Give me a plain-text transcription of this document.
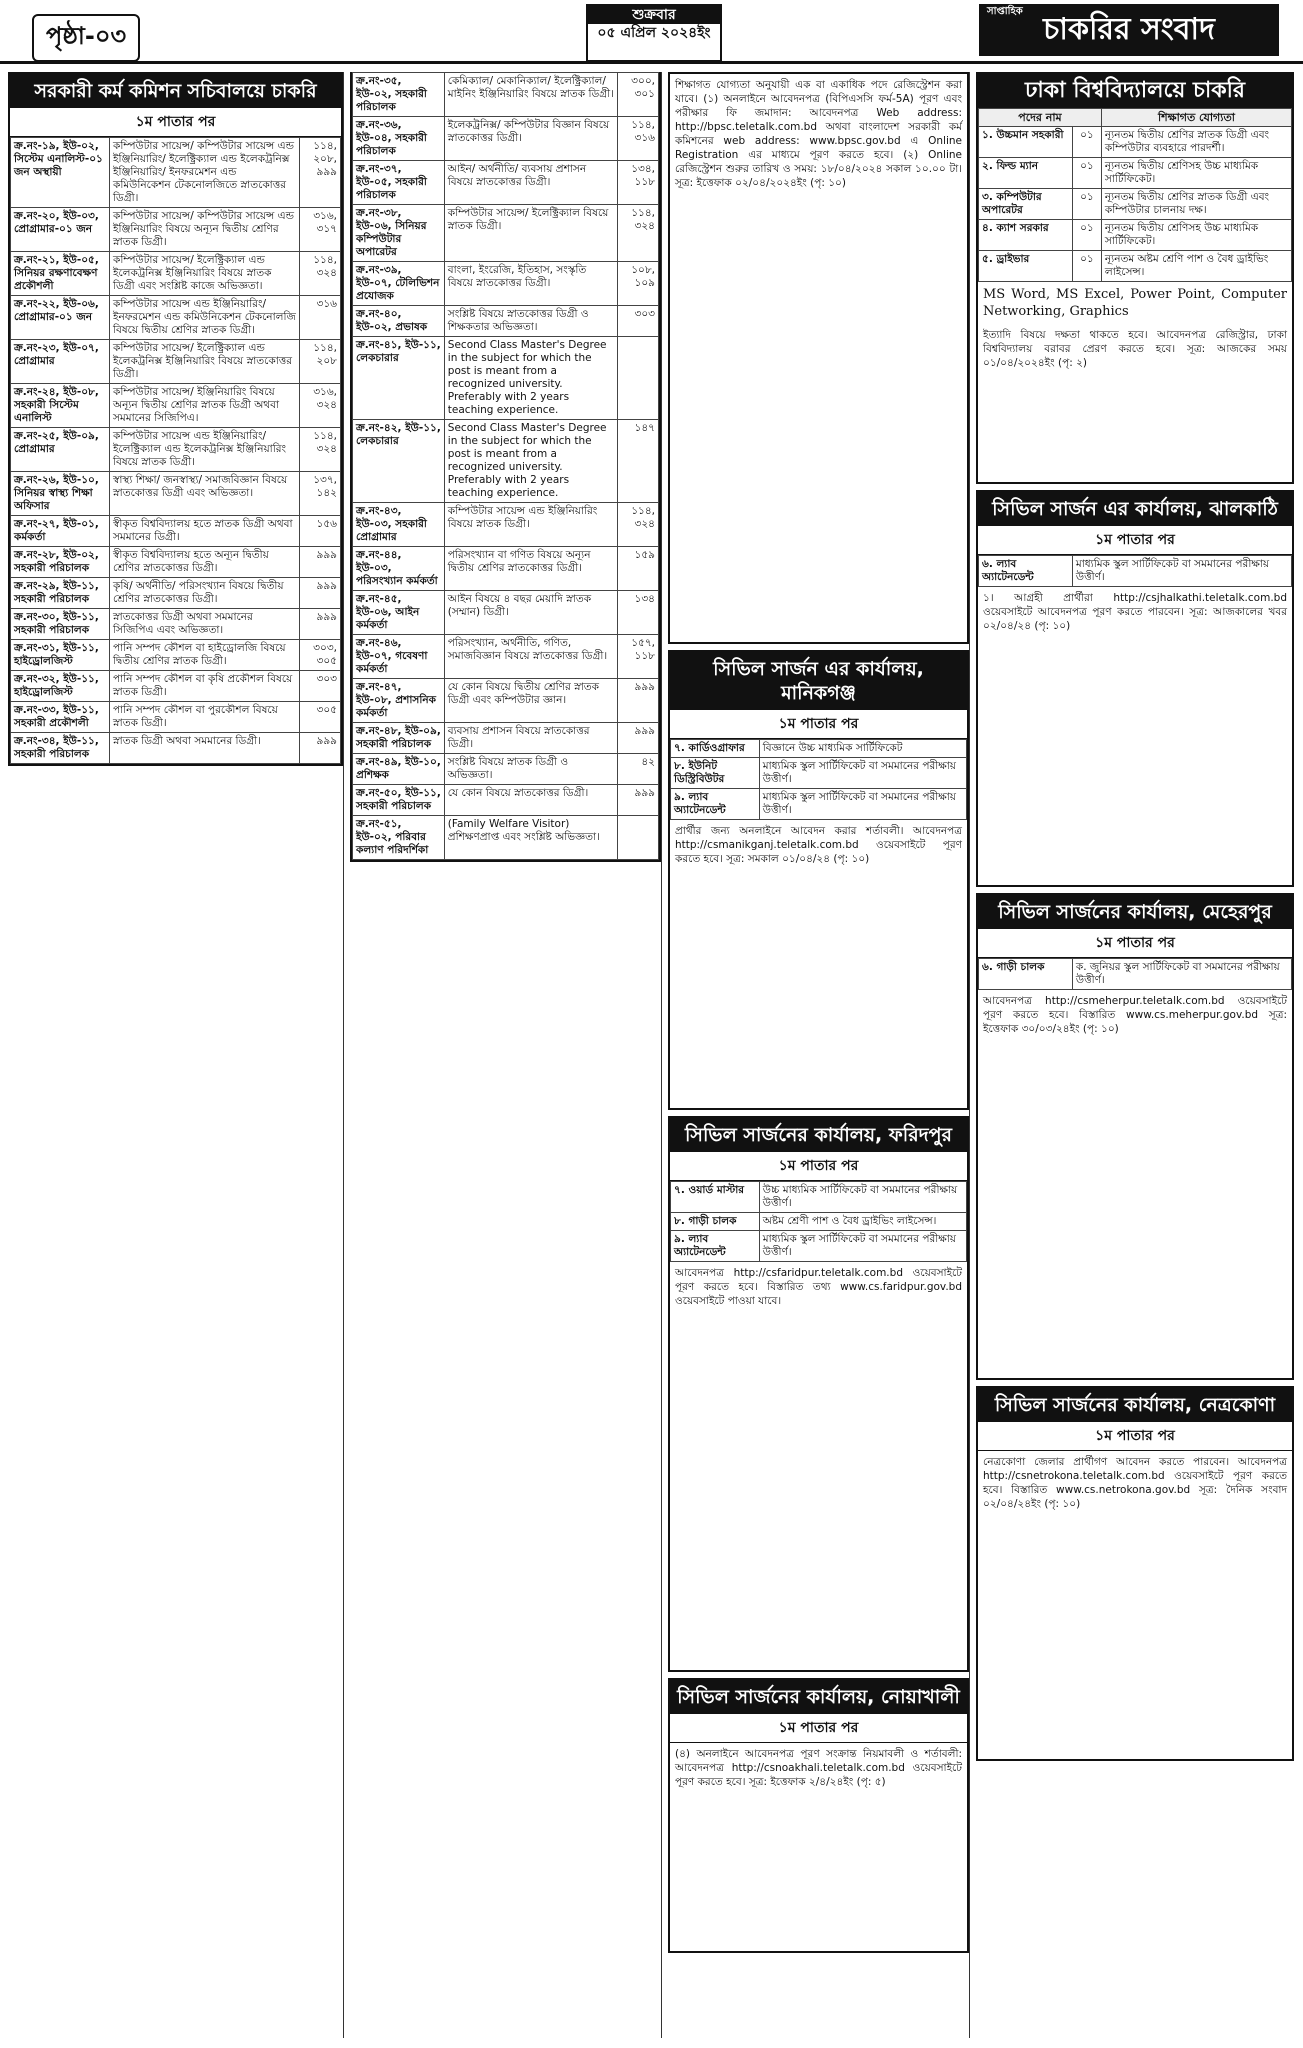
পৃষ্ঠা-০৩
শুক্রবার
০৫ এপ্রিল ২০২৪ইং
সাপ্তাহিক
চাকরির সংবাদ
সরকারী কর্ম কমিশন সচিবালয়ে চাকরি
১ম পাতার পর
ক্র.নং-১৯, ইউ-০২, সিস্টেম এনালিস্ট-০১ জন অস্থায়ী	কম্পিউটার সায়েন্স/ কম্পিউটার সায়েন্স এন্ড ইঞ্জিনিয়ারিং/ ইলেক্ট্রিক্যাল এন্ড ইলেকট্রনিক্স ইঞ্জিনিয়ারিং/ ইনফরমেশন এন্ড কমিউনিকেশন টেকনোলজিতে স্নাতকোত্তর ডিগ্রী।	১১৪, ২০৮, ৯৯৯
ক্র.নং-২০, ইউ-০৩, প্রোগ্রামার-০১ জন	কম্পিউটার সায়েন্স/ কম্পিউটার সায়েন্স এন্ড ইঞ্জিনিয়ারিং বিষয়ে অন্যূন দ্বিতীয় শ্রেণির স্নাতক ডিগ্রী।	৩১৬, ৩১৭
ক্র.নং-২১, ইউ-০৫, সিনিয়র রক্ষণাবেক্ষণ প্রকৌশলী	কম্পিউটার সায়েন্স/ ইলেক্ট্রিক্যাল এন্ড ইলেকট্রনিক্স ইঞ্জিনিয়ারিং বিষয়ে স্নাতক ডিগ্রী এবং সংশ্লিষ্ট কাজে অভিজ্ঞতা।	১১৪, ৩২৪
ক্র.নং-২২, ইউ-০৬, প্রোগ্রামার-০১ জন	কম্পিউটার সায়েন্স এন্ড ইঞ্জিনিয়ারিং/ ইনফরমেশন এন্ড কমিউনিকেশন টেকনোলজি বিষয়ে দ্বিতীয় শ্রেণির স্নাতক ডিগ্রী।	৩১৬
ক্র.নং-২৩, ইউ-০৭, প্রোগ্রামার	কম্পিউটার সায়েন্স/ ইলেক্ট্রিক্যাল এন্ড ইলেকট্রনিক্স ইঞ্জিনিয়ারিং বিষয়ে স্নাতকোত্তর ডিগ্রী।	১১৪, ২০৮
ক্র.নং-২৪, ইউ-০৮, সহকারী সিস্টেম এনালিস্ট	কম্পিউটার সায়েন্স/ ইঞ্জিনিয়ারিং বিষয়ে অন্যূন দ্বিতীয় শ্রেণির স্নাতক ডিগ্রী অথবা সমমানের সিজিপিএ।	৩১৬, ৩২৪
ক্র.নং-২৫, ইউ-০৯, প্রোগ্রামার	কম্পিউটার সায়েন্স এন্ড ইঞ্জিনিয়ারিং/ ইলেক্ট্রিক্যাল এন্ড ইলেকট্রনিক্স ইঞ্জিনিয়ারিং বিষয়ে স্নাতক ডিগ্রী।	১১৪, ৩২৪
ক্র.নং-২৬, ইউ-১০, সিনিয়র স্বাস্থ্য শিক্ষা অফিসার	স্বাস্থ্য শিক্ষা/ জনস্বাস্থ্য/ সমাজবিজ্ঞান বিষয়ে স্নাতকোত্তর ডিগ্রী এবং অভিজ্ঞতা।	১৩৭, ১৪২
ক্র.নং-২৭, ইউ-০১, কর্মকর্তা	স্বীকৃত বিশ্ববিদ্যালয় হতে স্নাতক ডিগ্রী অথবা সমমানের ডিগ্রী।	১৫৬
ক্র.নং-২৮, ইউ-০২, সহকারী পরিচালক	স্বীকৃত বিশ্ববিদ্যালয় হতে অন্যূন দ্বিতীয় শ্রেণির স্নাতকোত্তর ডিগ্রী।	৯৯৯
ক্র.নং-২৯, ইউ-১১, সহকারী পরিচালক	কৃষি/ অর্থনীতি/ পরিসংখ্যান বিষয়ে দ্বিতীয় শ্রেণির স্নাতকোত্তর ডিগ্রী।	৯৯৯
ক্র.নং-৩০, ইউ-১১, সহকারী পরিচালক	স্নাতকোত্তর ডিগ্রী অথবা সমমানের সিজিপিএ এবং অভিজ্ঞতা।	৯৯৯
ক্র.নং-৩১, ইউ-১১, হাইড্রোলজিস্ট	পানি সম্পদ কৌশল বা হাইড্রোলজি বিষয়ে দ্বিতীয় শ্রেণির স্নাতক ডিগ্রী।	৩০৩, ৩০৫
ক্র.নং-৩২, ইউ-১১, হাইড্রোলজিস্ট	পানি সম্পদ কৌশল বা কৃষি প্রকৌশল বিষয়ে স্নাতক ডিগ্রী।	৩০৩
ক্র.নং-৩৩, ইউ-১১, সহকারী প্রকৌশলী	পানি সম্পদ কৌশল বা পুরকৌশল বিষয়ে স্নাতক ডিগ্রী।	৩০৫
ক্র.নং-৩৪, ইউ-১১, সহকারী পরিচালক	স্নাতক ডিগ্রী অথবা সমমানের ডিগ্রী।	৯৯৯
ক্র.নং-৩৫, ইউ-০২, সহকারী পরিচালক	কেমিক্যাল/ মেকানিক্যাল/ ইলেক্ট্রিক্যাল/ মাইনিং ইঞ্জিনিয়ারিং বিষয়ে স্নাতক ডিগ্রী।	৩০০, ৩০১
ক্র.নং-৩৬, ইউ-০৪, সহকারী পরিচালক	ইলেকট্রনিক্স/ কম্পিউটার বিজ্ঞান বিষয়ে স্নাতকোত্তর ডিগ্রী।	১১৪, ৩১৬
ক্র.নং-৩৭, ইউ-০৫, সহকারী পরিচালক	আইন/ অর্থনীতি/ ব্যবসায় প্রশাসন বিষয়ে স্নাতকোত্তর ডিগ্রী।	১৩৪, ১১৮
ক্র.নং-৩৮, ইউ-০৬, সিনিয়র কম্পিউটার অপারেটর	কম্পিউটার সায়েন্স/ ইলেক্ট্রিক্যাল বিষয়ে স্নাতক ডিগ্রী।	১১৪, ৩২৪
ক্র.নং-৩৯, ইউ-০৭, টেলিভিশন প্রযোজক	বাংলা, ইংরেজি, ইতিহাস, সংস্কৃতি বিষয়ে স্নাতকোত্তর ডিগ্রী।	১০৮, ১০৯
ক্র.নং-৪০, ইউ-০২, প্রভাষক	সংশ্লিষ্ট বিষয়ে স্নাতকোত্তর ডিগ্রী ও শিক্ষকতার অভিজ্ঞতা।	৩০৩
ক্র.নং-৪১, ইউ-১১, লেকচারার	Second Class Master's Degree in the subject for which the post is meant from a recognized university. Preferably with 2 years teaching experience.	
ক্র.নং-৪২, ইউ-১১, লেকচারার	Second Class Master's Degree in the subject for which the post is meant from a recognized university. Preferably with 2 years teaching experience.	১৪৭
ক্র.নং-৪৩, ইউ-০৩, সহকারী প্রোগ্রামার	কম্পিউটার সায়েন্স এন্ড ইঞ্জিনিয়ারিং বিষয়ে স্নাতক ডিগ্রী।	১১৪, ৩২৪
ক্র.নং-৪৪, ইউ-০৩, পরিসংখ্যান কর্মকর্তা	পরিসংখ্যান বা গণিত বিষয়ে অন্যূন দ্বিতীয় শ্রেণির স্নাতকোত্তর ডিগ্রী।	১৫৯
ক্র.নং-৪৫, ইউ-০৬, আইন কর্মকর্তা	আইন বিষয়ে ৪ বছর মেয়াদি স্নাতক (সম্মান) ডিগ্রী।	১৩৪
ক্র.নং-৪৬, ইউ-০৭, গবেষণা কর্মকর্তা	পরিসংখ্যান, অর্থনীতি, গণিত, সমাজবিজ্ঞান বিষয়ে স্নাতকোত্তর ডিগ্রী।	১৫৭, ১১৮
ক্র.নং-৪৭, ইউ-০৮, প্রশাসনিক কর্মকর্তা	যে কোন বিষয়ে দ্বিতীয় শ্রেণির স্নাতক ডিগ্রী এবং কম্পিউটার জ্ঞান।	৯৯৯
ক্র.নং-৪৮, ইউ-০৯, সহকারী পরিচালক	ব্যবসায় প্রশাসন বিষয়ে স্নাতকোত্তর ডিগ্রী।	৯৯৯
ক্র.নং-৪৯, ইউ-১০, প্রশিক্ষক	সংশ্লিষ্ট বিষয়ে স্নাতক ডিগ্রী ও অভিজ্ঞতা।	৪২
ক্র.নং-৫০, ইউ-১১, সহকারী পরিচালক	যে কোন বিষয়ে স্নাতকোত্তর ডিগ্রী।	৯৯৯
ক্র.নং-৫১, ইউ-০২, পরিবার কল্যাণ পরিদর্শিকা	(Family Welfare Visitor) প্রশিক্ষণপ্রাপ্ত এবং সংশ্লিষ্ট অভিজ্ঞতা।	
শিক্ষাগত যোগ্যতা অনুযায়ী এক বা একাধিক পদে রেজিস্ট্রেশন করা যাবে। (১) অনলাইনে আবেদনপত্র (বিপিএসসি ফর্ম-5A) পূরণ এবং পরীক্ষার ফি জমাদান: আবেদনপত্র Web address: http://bpsc.teletalk.com.bd অথবা বাংলাদেশ সরকারী কর্ম কমিশনের web address: www.bpsc.gov.bd এ Online Registration এর মাধ্যমে পূরণ করতে হবে। (২) Online রেজিস্ট্রেশন শুরুর তারিখ ও সময়: ১৮/০৪/২০২৪ সকাল ১০.০০ টা। সূত্র: ইত্তেফাক ০২/০৪/২০২৪ইং (পৃ: ১০)
সিভিল সার্জন এর কার্যালয়, মানিকগঞ্জ
১ম পাতার পর
৭. কার্ডিওগ্রাফার	বিজ্ঞানে উচ্চ মাধ্যমিক সার্টিফিকেট
৮. ইউনিট ডিস্ট্রিবিউটর	মাধ্যমিক স্কুল সার্টিফিকেট বা সমমানের পরীক্ষায় উত্তীর্ণ।
৯. ল্যাব অ্যাটেনডেন্ট	মাধ্যমিক স্কুল সার্টিফিকেট বা সমমানের পরীক্ষায় উত্তীর্ণ।
প্রার্থীর জন্য অনলাইনে আবেদন করার শর্তাবলী। আবেদনপত্র http://csmanikganj.teletalk.com.bd ওয়েবসাইটে পূরণ করতে হবে। সূত্র: সমকাল ০১/০৪/২৪ (পৃ: ১০)
সিভিল সার্জনের কার্যালয়, ফরিদপুর
১ম পাতার পর
৭. ওয়ার্ড মাস্টার	উচ্চ মাধ্যমিক সার্টিফিকেট বা সমমানের পরীক্ষায় উত্তীর্ণ।
৮. গাড়ী চালক	অষ্টম শ্রেণী পাশ ও বৈধ ড্রাইভিং লাইসেন্স।
৯. ল্যাব অ্যাটেনডেন্ট	মাধ্যমিক স্কুল সার্টিফিকেট বা সমমানের পরীক্ষায় উত্তীর্ণ।
আবেদনপত্র http://csfaridpur.teletalk.com.bd ওয়েবসাইটে পূরণ করতে হবে। বিস্তারিত তথ্য www.cs.faridpur.gov.bd ওয়েবসাইটে পাওয়া যাবে।
সিভিল সার্জনের কার্যালয়, নোয়াখালী
১ম পাতার পর
(৪) অনলাইনে আবেদনপত্র পূরণ সংক্রান্ত নিয়মাবলী ও শর্তাবলী: আবেদনপত্র http://csnoakhali.teletalk.com.bd ওয়েবসাইটে পূরণ করতে হবে। সূত্র: ইত্তেফাক ২/৪/২৪ইং (পৃ: ৫)
ঢাকা বিশ্ববিদ্যালয়ে চাকরি
পদের নাম		শিক্ষাগত যোগ্যতা
১. উচ্চমান সহকারী	০১	ন্যূনতম দ্বিতীয় শ্রেণির স্নাতক ডিগ্রী এবং কম্পিউটার ব্যবহারে পারদর্শী।
২. ফিল্ড ম্যান	০১	ন্যূনতম দ্বিতীয় শ্রেণিসহ উচ্চ মাধ্যমিক সার্টিফিকেট।
৩. কম্পিউটার অপারেটর	০১	ন্যূনতম দ্বিতীয় শ্রেণির স্নাতক ডিগ্রী এবং কম্পিউটার চালনায় দক্ষ।
৪. ক্যাশ সরকার	০১	ন্যূনতম দ্বিতীয় শ্রেণিসহ উচ্চ মাধ্যমিক সার্টিফিকেট।
৫. ড্রাইভার	০১	ন্যূনতম অষ্টম শ্রেণি পাশ ও বৈধ ড্রাইভিং লাইসেন্স।
MS Word, MS Excel, Power Point, Computer Networking, Graphics
ইত্যাদি বিষয়ে দক্ষতা থাকতে হবে। আবেদনপত্র রেজিস্ট্রার, ঢাকা বিশ্ববিদ্যালয় বরাবর প্রেরণ করতে হবে। সূত্র: আজকের সময় ০১/০৪/২০২৪ইং (পৃ: ২)
সিভিল সার্জন এর কার্যালয়, ঝালকাঠি
১ম পাতার পর
৬. ল্যাব অ্যাটেনডেন্ট	মাধ্যমিক স্কুল সার্টিফিকেট বা সমমানের পরীক্ষায় উত্তীর্ণ।
১। আগ্রহী প্রার্থীরা http://csjhalkathi.teletalk.com.bd ওয়েবসাইটে আবেদনপত্র পূরণ করতে পারবেন। সূত্র: আজকালের খবর ০২/০৪/২৪ (পৃ: ১০)
সিভিল সার্জনের কার্যালয়, মেহেরপুর
১ম পাতার পর
৬. গাড়ী চালক	ক. জুনিয়র স্কুল সার্টিফিকেট বা সমমানের পরীক্ষায় উত্তীর্ণ।
আবেদনপত্র http://csmeherpur.teletalk.com.bd ওয়েবসাইটে পূরণ করতে হবে। বিস্তারিত www.cs.meherpur.gov.bd সূত্র: ইত্তেফাক ৩০/০৩/২৪ইং (পৃ: ১০)
সিভিল সার্জনের কার্যালয়, নেত্রকোণা
১ম পাতার পর
নেত্রকোণা জেলার প্রার্থীগণ আবেদন করতে পারবেন। আবেদনপত্র http://csnetrokona.teletalk.com.bd ওয়েবসাইটে পূরণ করতে হবে। বিস্তারিত www.cs.netrokona.gov.bd সূত্র: দৈনিক সংবাদ ০২/০৪/২৪ইং (পৃ: ১০)
